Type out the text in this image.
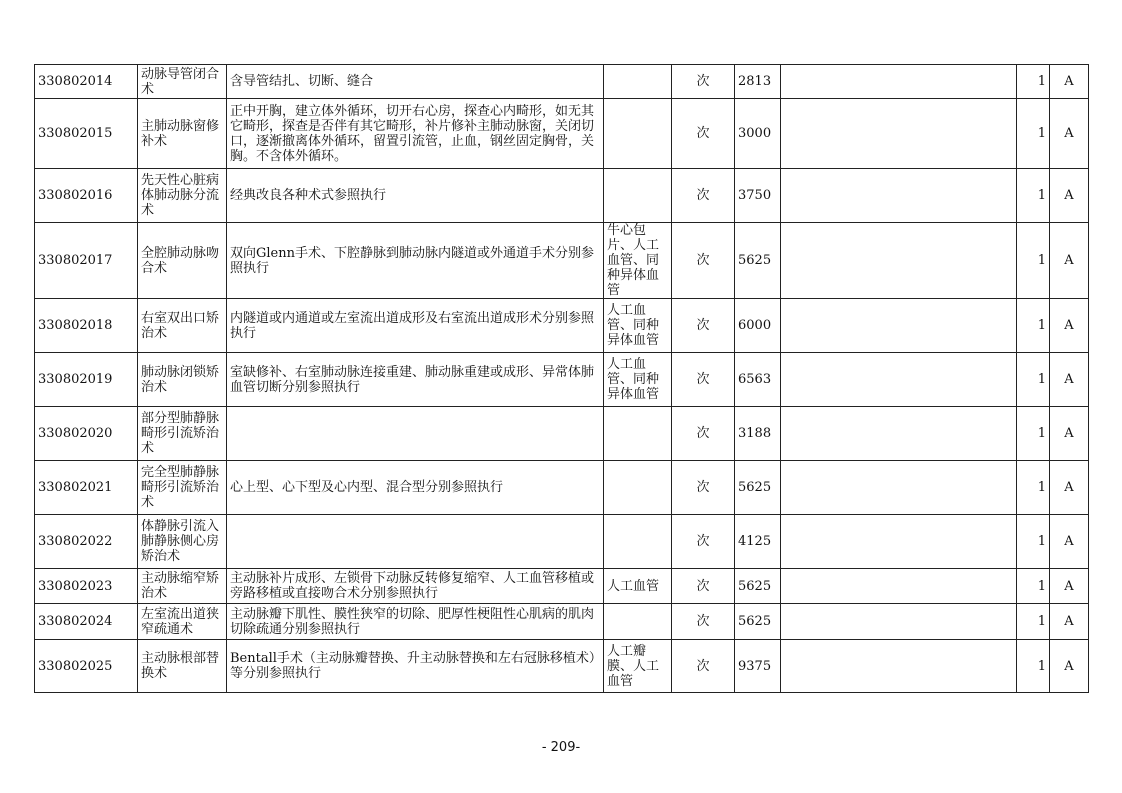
330802014	动脉导管闭合术	含导管结扎、切断、缝合		次	2813		1	A
330802015	主肺动脉窗修补术	正中开胸，建立体外循环，切开右心房，探查心内畸形，如无其它畸形，探查是否伴有其它畸形，补片修补主肺动脉窗，关闭切口，逐渐撤离体外循环，留置引流管，止血，钢丝固定胸骨，关胸。不含体外循环。		次	3000		1	A
330802016	先天性心脏病体肺动脉分流术	经典改良各种术式参照执行		次	3750		1	A
330802017	全腔肺动脉吻合术	双向Glenn手术、下腔静脉到肺动脉内隧道或外通道手术分别参照执行	牛心包片、人工血管、同种异体血管	次	5625		1	A
330802018	右室双出口矫治术	内隧道或内通道或左室流出道成形及右室流出道成形术分别参照执行	人工血管、同种异体血管	次	6000		1	A
330802019	肺动脉闭锁矫治术	室缺修补、右室肺动脉连接重建、肺动脉重建或成形、异常体肺血管切断分别参照执行	人工血管、同种异体血管	次	6563		1	A
330802020	部分型肺静脉畸形引流矫治术			次	3188		1	A
330802021	完全型肺静脉畸形引流矫治术	心上型、心下型及心内型、混合型分别参照执行		次	5625		1	A
330802022	体静脉引流入肺静脉侧心房矫治术			次	4125		1	A
330802023	主动脉缩窄矫治术	主动脉补片成形、左锁骨下动脉反转修复缩窄、人工血管移植或旁路移植或直接吻合术分别参照执行	人工血管	次	5625		1	A
330802024	左室流出道狭窄疏通术	主动脉瓣下肌性、膜性狭窄的切除、肥厚性梗阻性心肌病的肌肉切除疏通分别参照执行		次	5625		1	A
330802025	主动脉根部替换术	Bentall手术（主动脉瓣替换、升主动脉替换和左右冠脉移植术）等分别参照执行	人工瓣膜、人工血管	次	9375		1	A
- 209-
